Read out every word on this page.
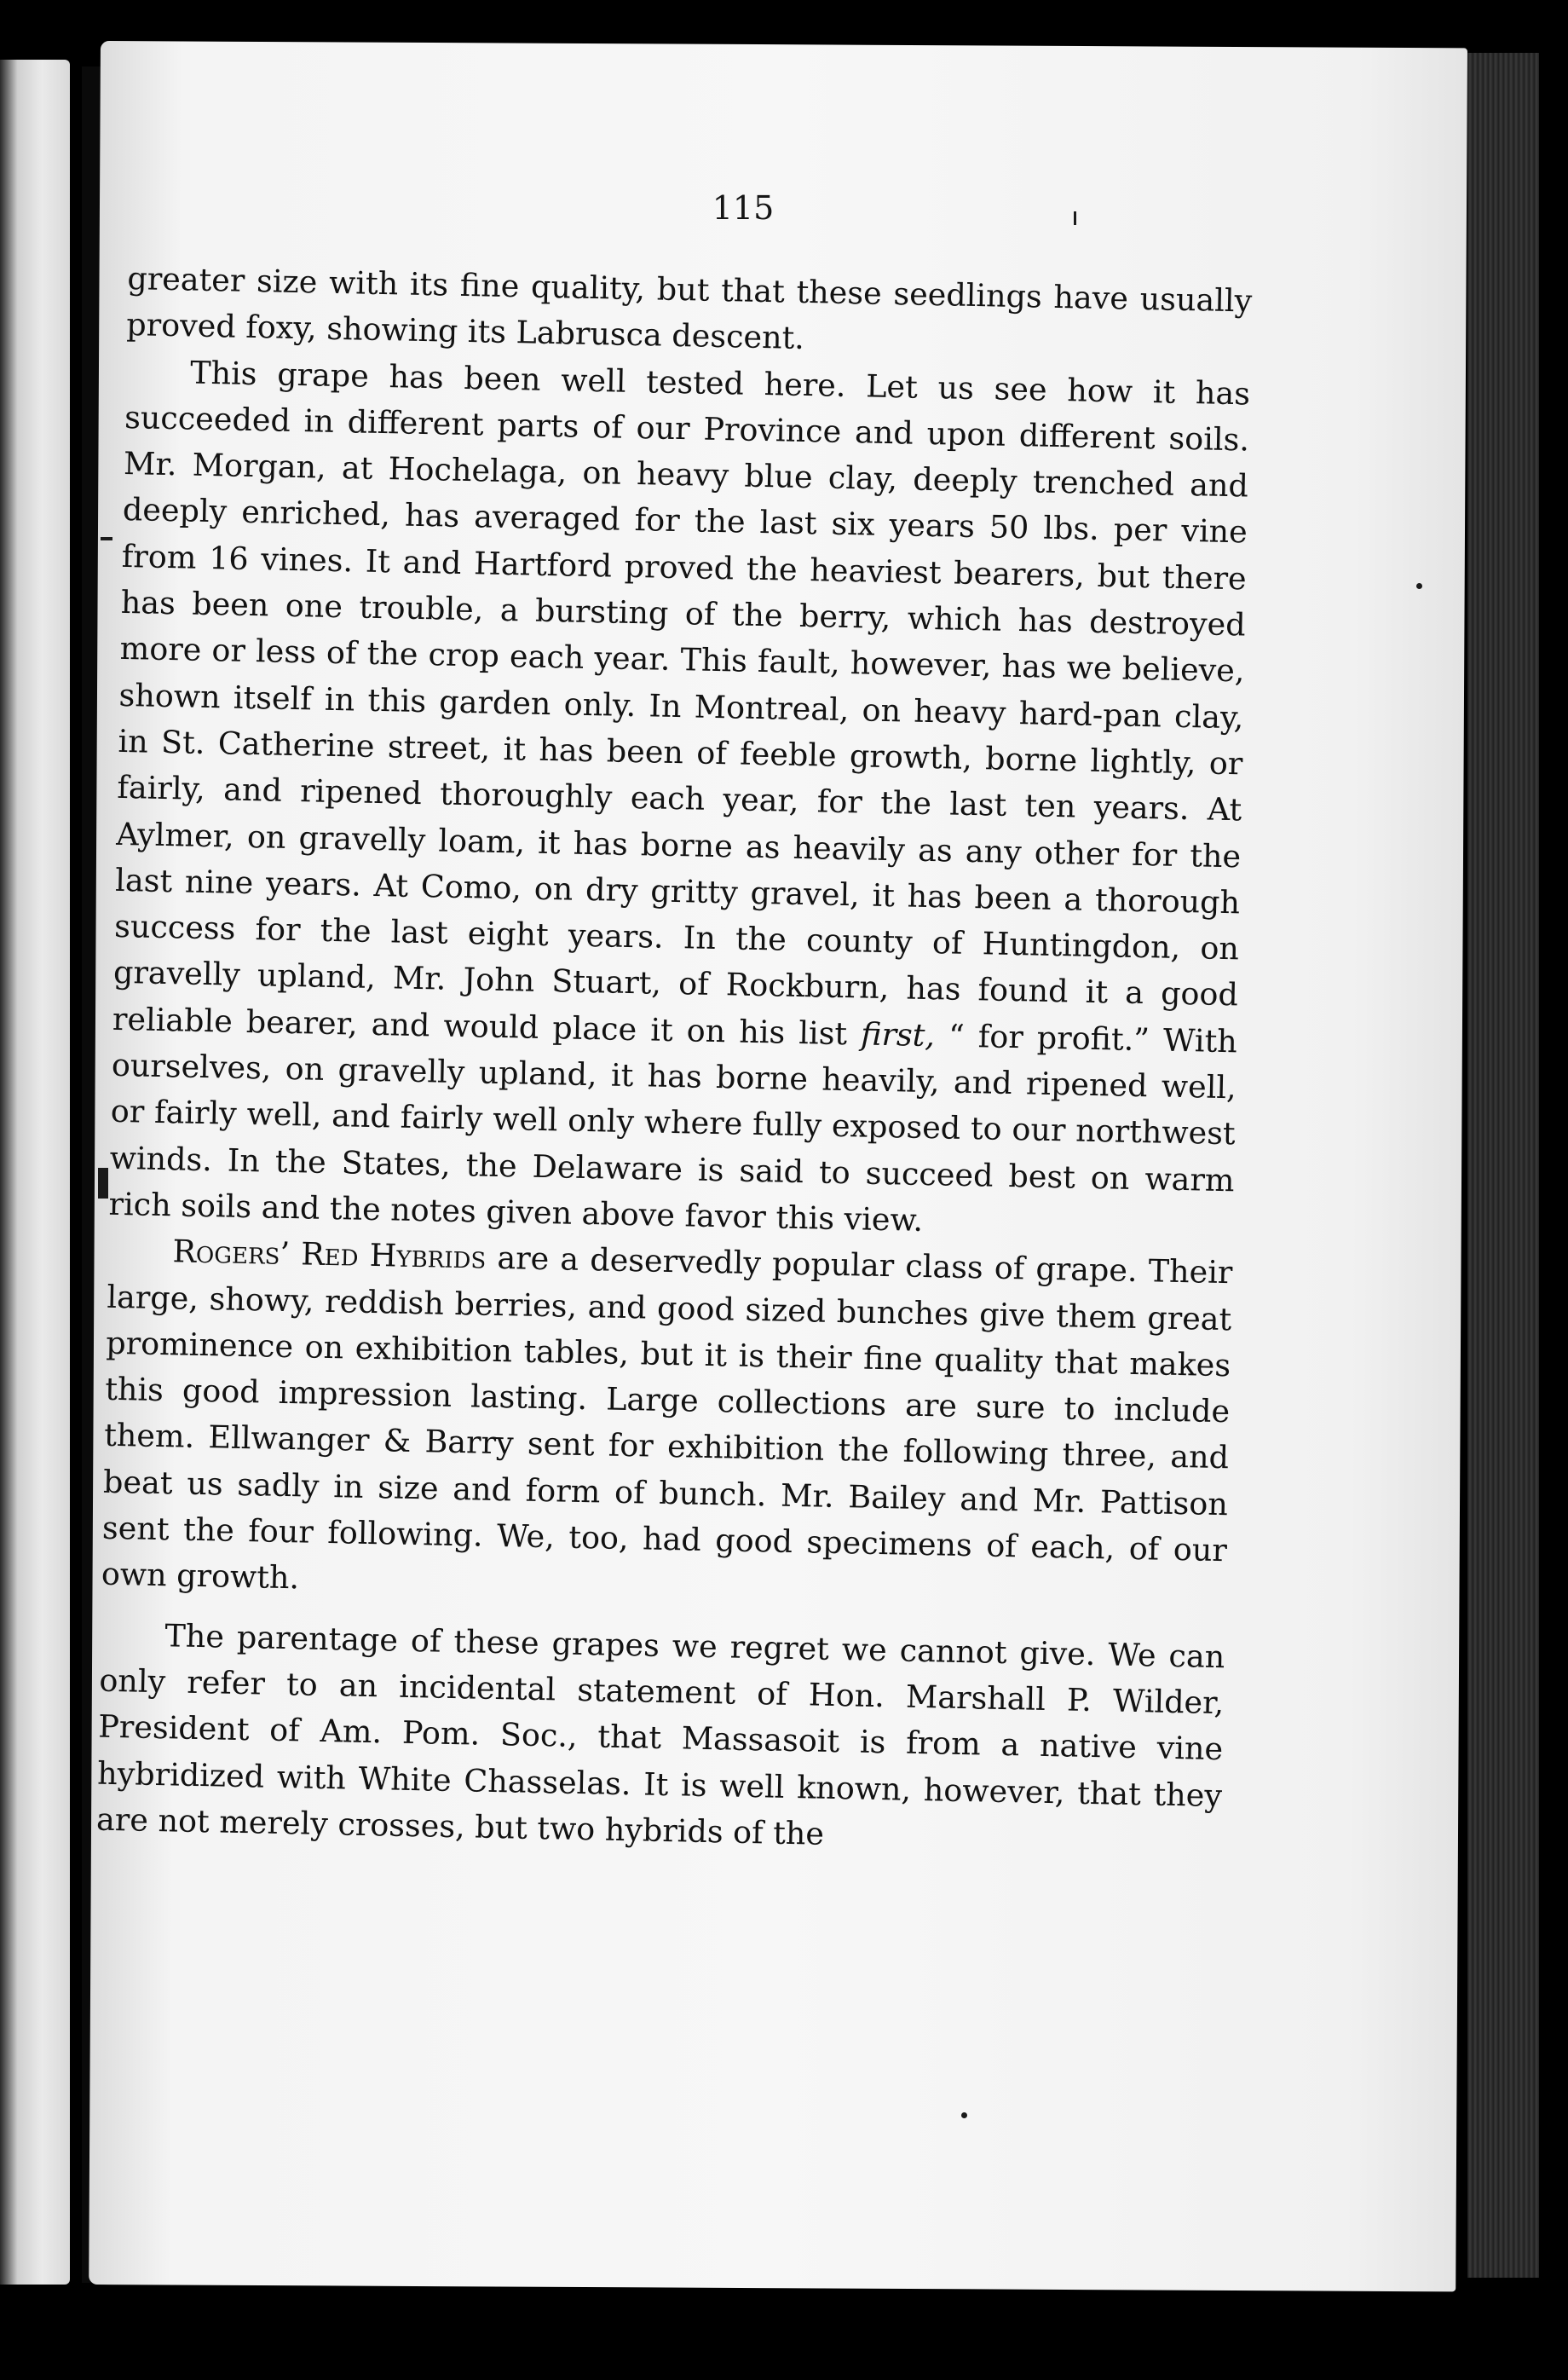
115

greater size with its fine quality, but that these seedlings have usually proved foxy, showing its Labrusca descent.

This grape has been well tested here. Let us see how it has succeeded in different parts of our Province and upon different soils. Mr. Morgan, at Hochelaga, on heavy blue clay, deeply trenched and deeply enriched, has averaged for the last six years 50 lbs. per vine from 16 vines. It and Hartford proved the heaviest bearers, but there has been one trouble, a bursting of the berry, which has destroyed more or less of the crop each year. This fault, however, has we believe, shown itself in this garden only. In Montreal, on heavy hard-pan clay, in St. Catherine street, it has been of feeble growth, borne lightly, or fairly, and ripened thoroughly each year, for the last ten years. At Aylmer, on gravelly loam, it has borne as heavily as any other for the last nine years. At Como, on dry gritty gravel, it has been a thorough success for the last eight years. In the county of Huntingdon, on gravelly upland, Mr. John Stuart, of Rockburn, has found it a good reliable bearer, and would place it on his list first, “ for profit.” With ourselves, on gravelly upland, it has borne heavily, and ripened well, or fairly well, and fairly well only where fully exposed to our northwest winds. In the States, the Delaware is said to succeed best on warm rich soils and the notes given above favor this view.

Rogers’ Red Hybrids are a deservedly popular class of grape. Their large, showy, reddish berries, and good sized bunches give them great prominence on exhibition tables, but it is their fine quality that makes this good impression lasting. Large collections are sure to include them. Ellwanger & Barry sent for exhibition the following three, and beat us sadly in size and form of bunch. Mr. Bailey and Mr. Pattison sent the four following. We, too, had good specimens of each, of our own growth.

The parentage of these grapes we regret we cannot give. We can only refer to an incidental statement of Hon. Marshall P. Wilder, President of Am. Pom. Soc., that Massasoit is from a native vine hybridized with White Chasselas. It is well known, however, that they are not merely crosses, but two hybrids of the
